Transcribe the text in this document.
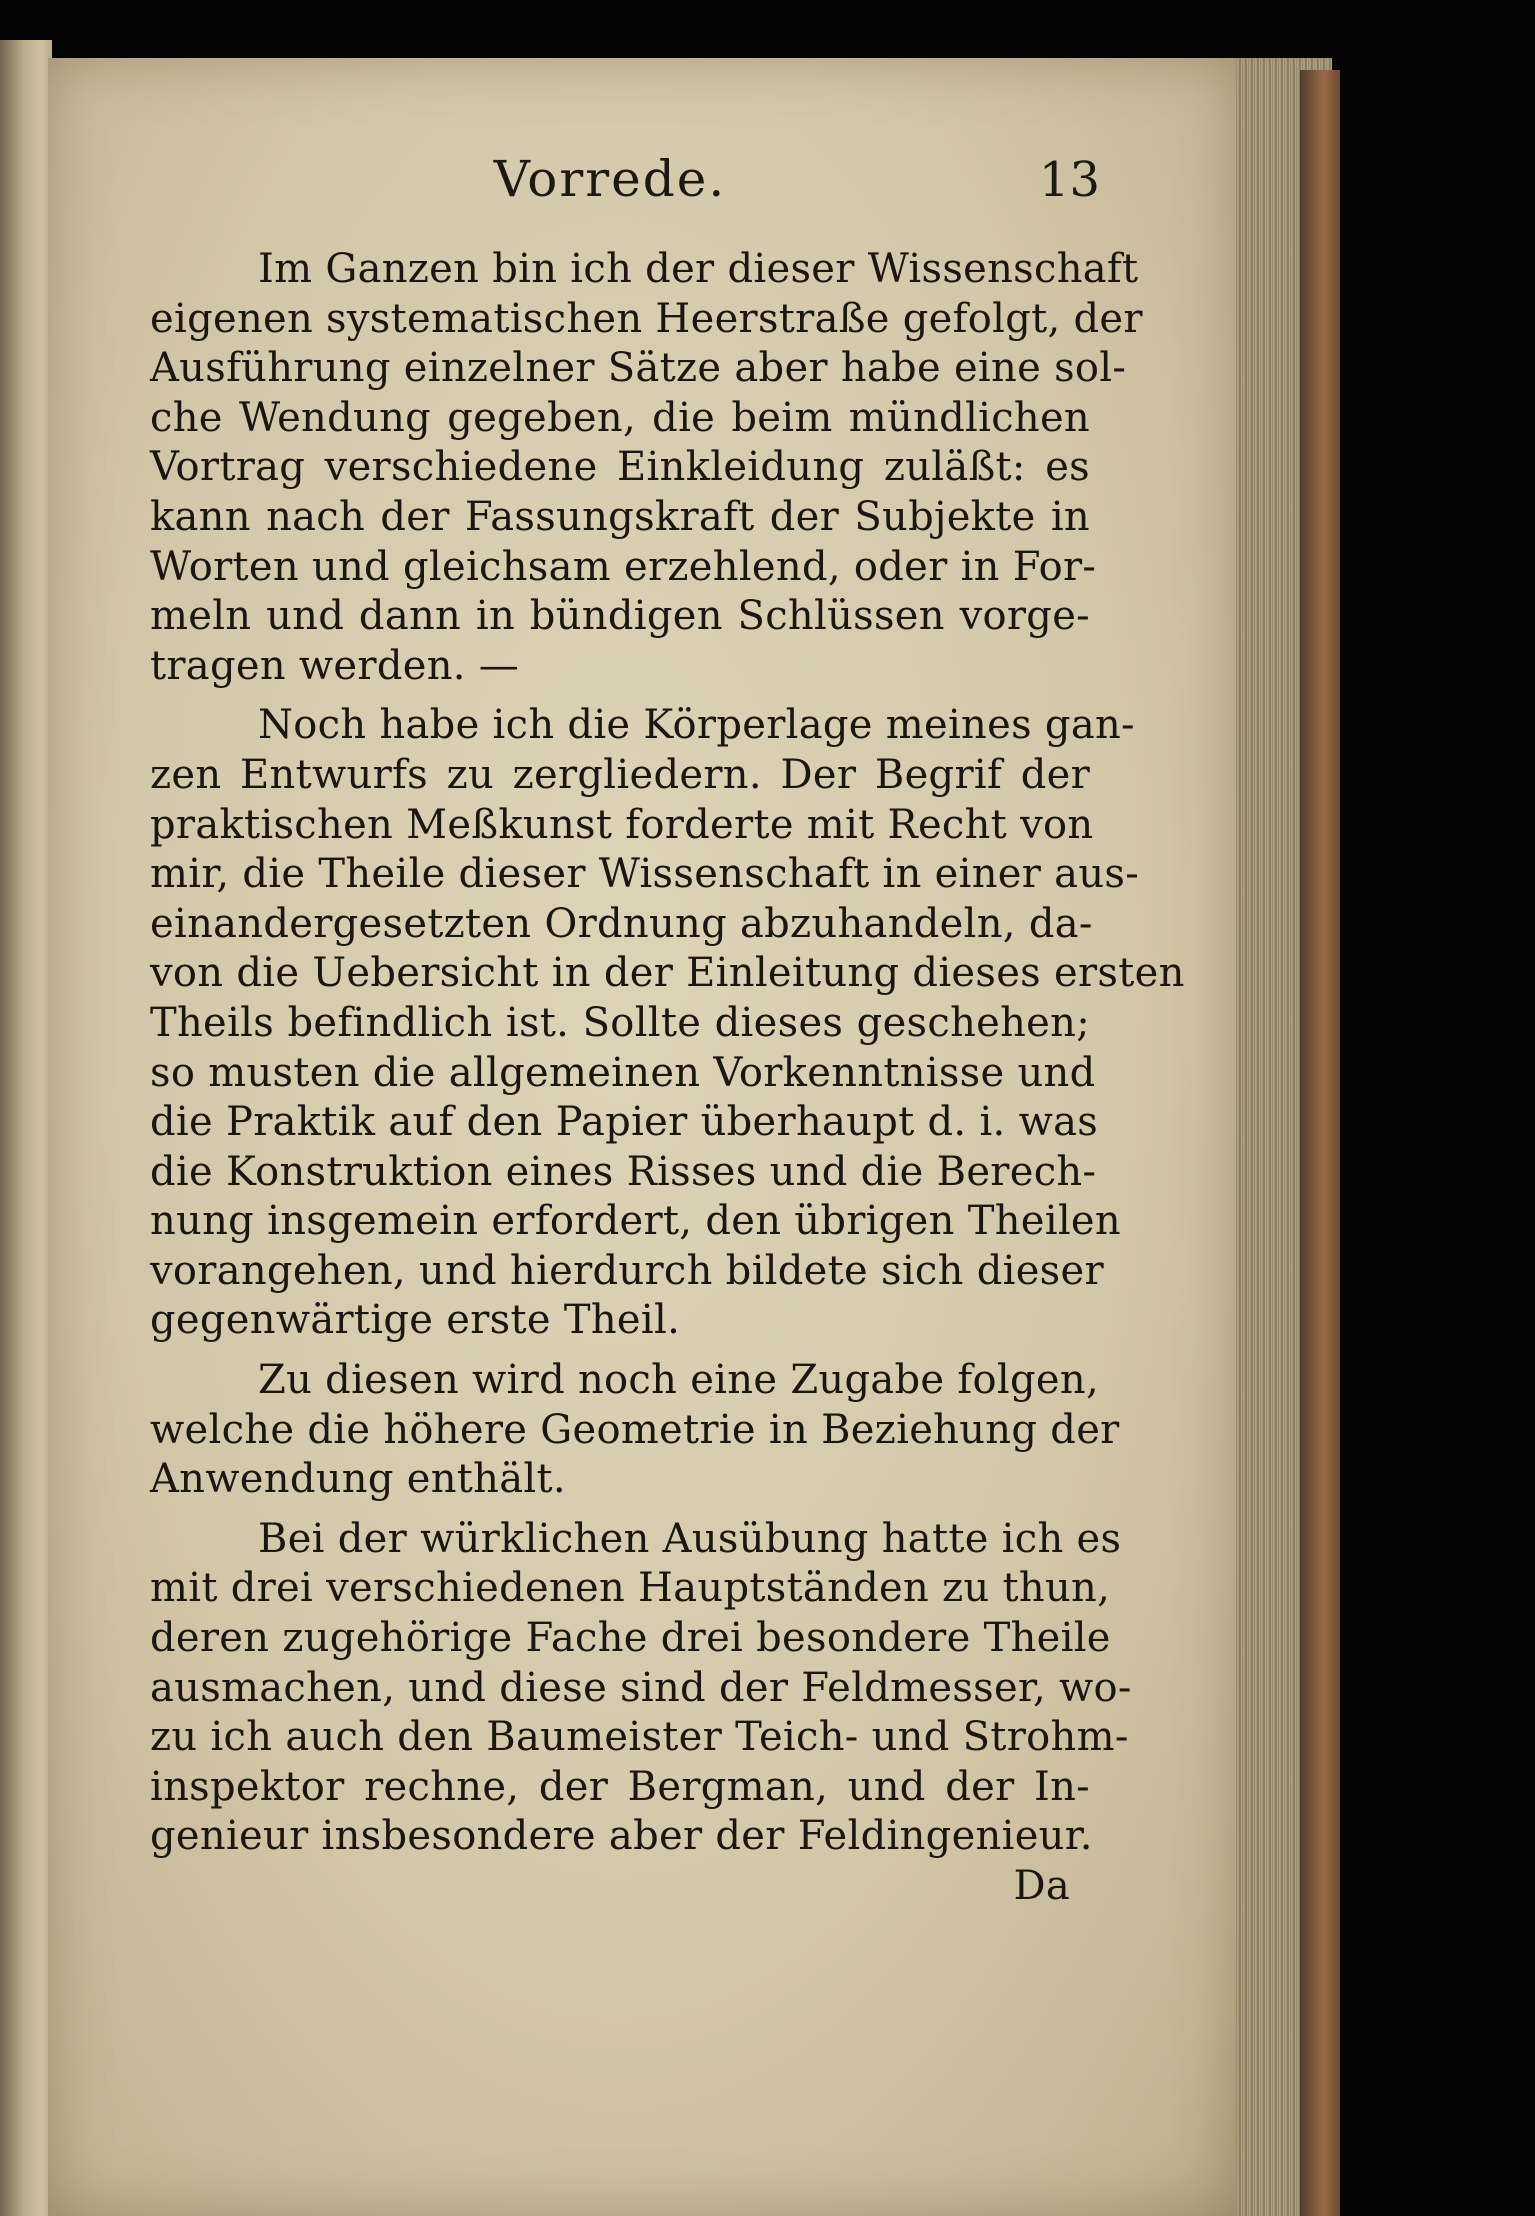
Vorrede.	13
Im Ganzen bin ich der dieser Wissenschaft
eigenen systematischen Heerstraße gefolgt, der
Ausführung einzelner Sätze aber habe eine sol-
che Wendung gegeben, die beim mündlichen
Vortrag verschiedene Einkleidung zuläßt: es
kann nach der Fassungskraft der Subjekte in
Worten und gleichsam erzehlend, oder in For-
meln und dann in bündigen Schlüssen vorge-
tragen werden. —
Noch habe ich die Körperlage meines gan-
zen Entwurfs zu zergliedern. Der Begrif der
praktischen Meßkunst forderte mit Recht von
mir, die Theile dieser Wissenschaft in einer aus-
einandergesetzten Ordnung abzuhandeln, da-
von die Uebersicht in der Einleitung dieses ersten
Theils befindlich ist. Sollte dieses geschehen;
so musten die allgemeinen Vorkenntnisse und
die Praktik auf den Papier überhaupt d. i. was
die Konstruktion eines Risses und die Berech-
nung insgemein erfordert, den übrigen Theilen
vorangehen, und hierdurch bildete sich dieser
gegenwärtige erste Theil.
Zu diesen wird noch eine Zugabe folgen,
welche die höhere Geometrie in Beziehung der
Anwendung enthält.
Bei der würklichen Ausübung hatte ich es
mit drei verschiedenen Hauptständen zu thun,
deren zugehörige Fache drei besondere Theile
ausmachen, und diese sind der Feldmesser, wo-
zu ich auch den Baumeister Teich- und Strohm-
inspektor rechne, der Bergman, und der In-
genieur insbesondere aber der Feldingenieur.
Da
